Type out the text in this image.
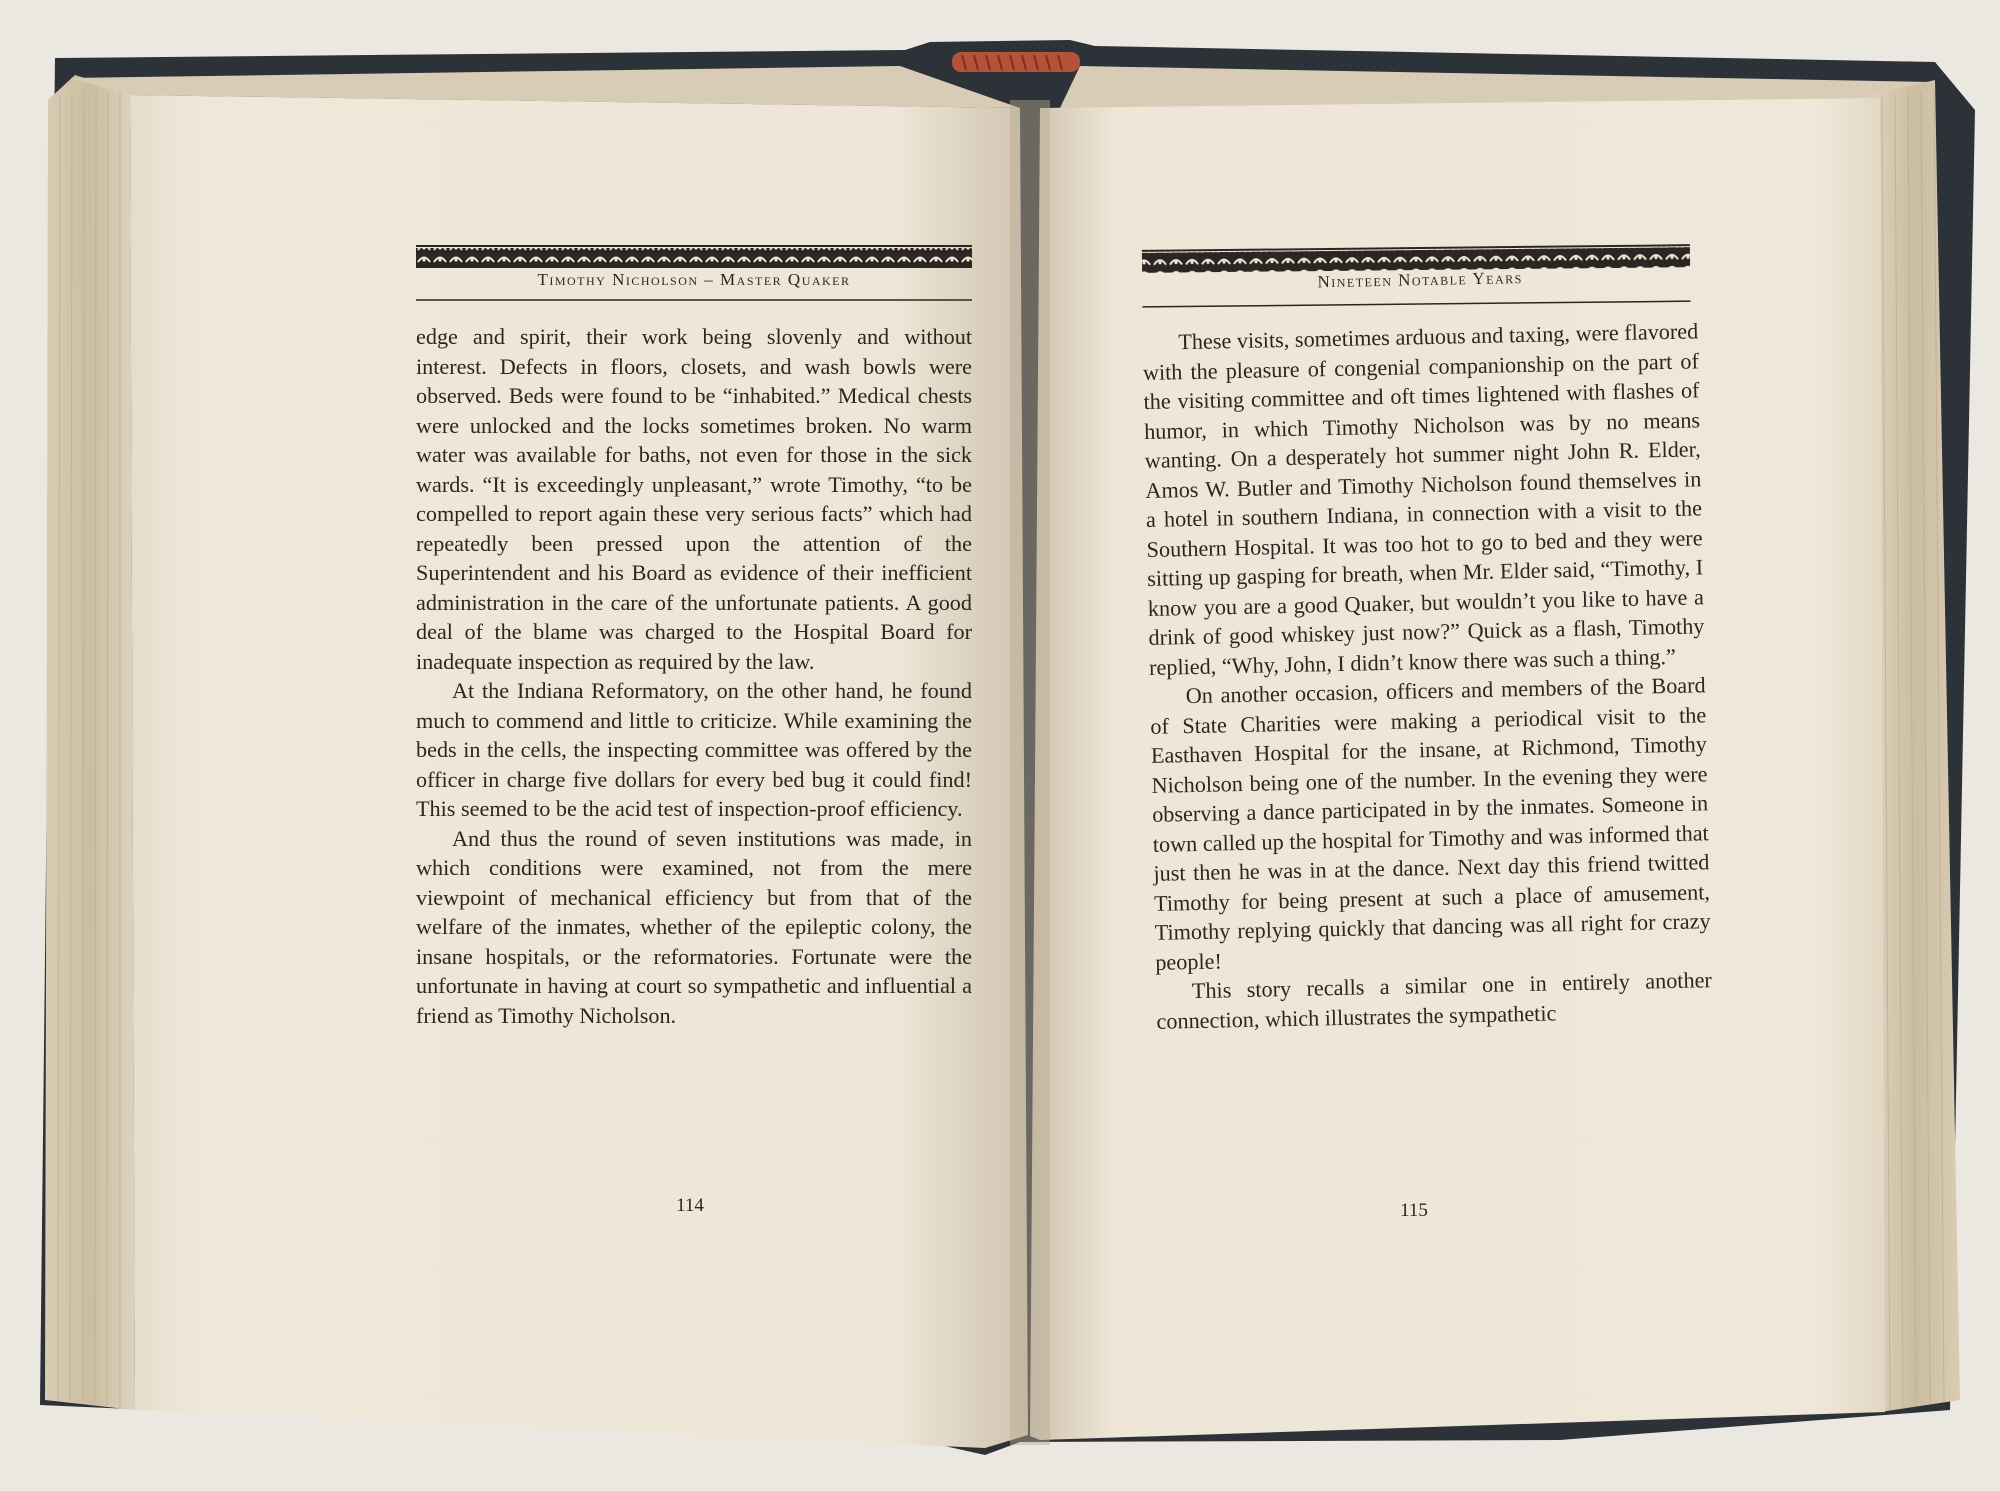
Timothy Nicholson – Master Quaker	Nineteen Notable Years

edge and spirit, their work being slovenly and without interest. Defects in floors, closets, and wash bowls were observed. Beds were found to be “inhabited.” Medical chests were unlocked and the locks sometimes broken. No warm water was available for baths, not even for those in the sick wards. “It is exceedingly unpleasant,” wrote Timothy, “to be compelled to report again these very serious facts” which had repeatedly been pressed upon the attention of the Superintendent and his Board as evidence of their inefficient administration in the care of the unfortunate patients. A good deal of the blame was charged to the Hospital Board for inadequate inspection as required by the law.

At the Indiana Reformatory, on the other hand, he found much to commend and little to criticize. While examining the beds in the cells, the inspecting committee was offered by the officer in charge five dollars for every bed bug it could find! This seemed to be the acid test of inspection-proof efficiency.

And thus the round of seven institutions was made, in which conditions were examined, not from the mere viewpoint of mechanical efficiency but from that of the welfare of the inmates, whether of the epileptic colony, the insane hospitals, or the reformatories. Fortunate were the unfortunate in having at court so sympathetic and influential a friend as Timothy Nicholson.

These visits, sometimes arduous and taxing, were flavored with the pleasure of congenial companionship on the part of the visiting committee and oft times lightened with flashes of humor, in which Timothy Nicholson was by no means wanting. On a desperately hot summer night John R. Elder, Amos W. Butler and Timothy Nicholson found themselves in a hotel in southern Indiana, in connection with a visit to the Southern Hospital. It was too hot to go to bed and they were sitting up gasping for breath, when Mr. Elder said, “Timothy, I know you are a good Quaker, but wouldn’t you like to have a drink of good whiskey just now?” Quick as a flash, Timothy replied, “Why, John, I didn’t know there was such a thing.”

On another occasion, officers and members of the Board of State Charities were making a periodical visit to the Easthaven Hospital for the insane, at Richmond, Timothy Nicholson being one of the number. In the evening they were observing a dance participated in by the inmates. Someone in town called up the hospital for Timothy and was informed that just then he was in at the dance. Next day this friend twitted Timothy for being present at such a place of amusement, Timothy replying quickly that dancing was all right for crazy people!

This story recalls a similar one in entirely another connection, which illustrates the sympathetic

114	115
